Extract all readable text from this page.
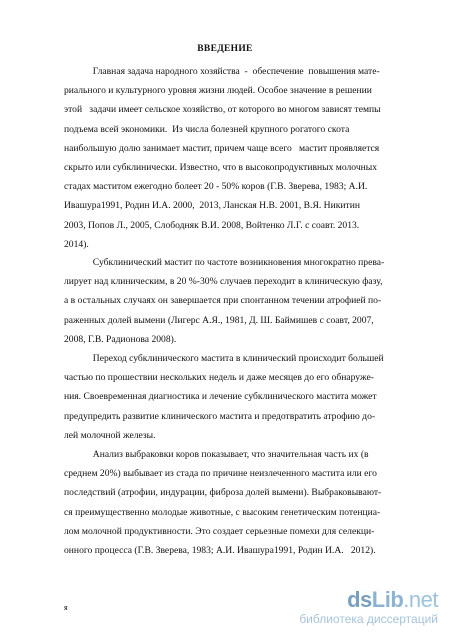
ВВЕДЕНИЕ
Главная задача народного хозяйства  -  обеспечение  повышения мате-
риального и культурного уровня жизни людей. Особое значение в решении
этой   задачи имеет сельское хозяйство, от которого во многом зависят темпы
подъема всей экономики.  Из числа болезней крупного рогатого скота
наибольшую долю занимает мастит, причем чаще всего   мастит проявляется
скрыто или субклинически. Известно, что в высокопродуктивных молочных
стадах маститом ежегодно болеет 20 - 50% коров (Г.В. Зверева, 1983; А.И.
Ивашура1991, Родин И.А. 2000,  2013, Ланская Н.В. 2001, В.Я. Никитин
2003, Попов Л., 2005, Слободняк В.И. 2008, Войтенко Л.Г. с соавт. 2013.
2014).
Субклинический мастит по частоте возникновения многократно прева-
лирует над клиническим, в 20 %-30% случаев переходит в клиническую фазу,
а в остальных случаях он завершается при спонтанном течении атрофией по-
раженных долей вымени (Лигерс А.Я., 1981, Д. Ш. Баймишев с соавт, 2007,
2008, Г.В. Радионова 2008).
Переход субклинического мастита в клинический происходит большей
частью по прошествии нескольких недель и даже месяцев до его обнаруже-
ния. Своевременная диагностика и лечение субклинического мастита может
предупредить развитие клинического мастита и предотвратить атрофию до-
лей молочной железы.
Анализ выбраковки коров показывает, что значительная часть их (в
среднем 20%) выбывает из стада по причине неизлеченного мастита или его
последствий (атрофии, индурации, фиброза долей вымени). Выбраковывают-
ся преимущественно молодые животные, с высоким генетическим потенциа-
лом молочной продуктивности. Это создает серьезные помехи для селекци-
онного процесса (Г.В. Зверева, 1983; А.И. Ивашура1991, Родин И.А.   2012).
я	dsLib.net
библиотека диссертаций
